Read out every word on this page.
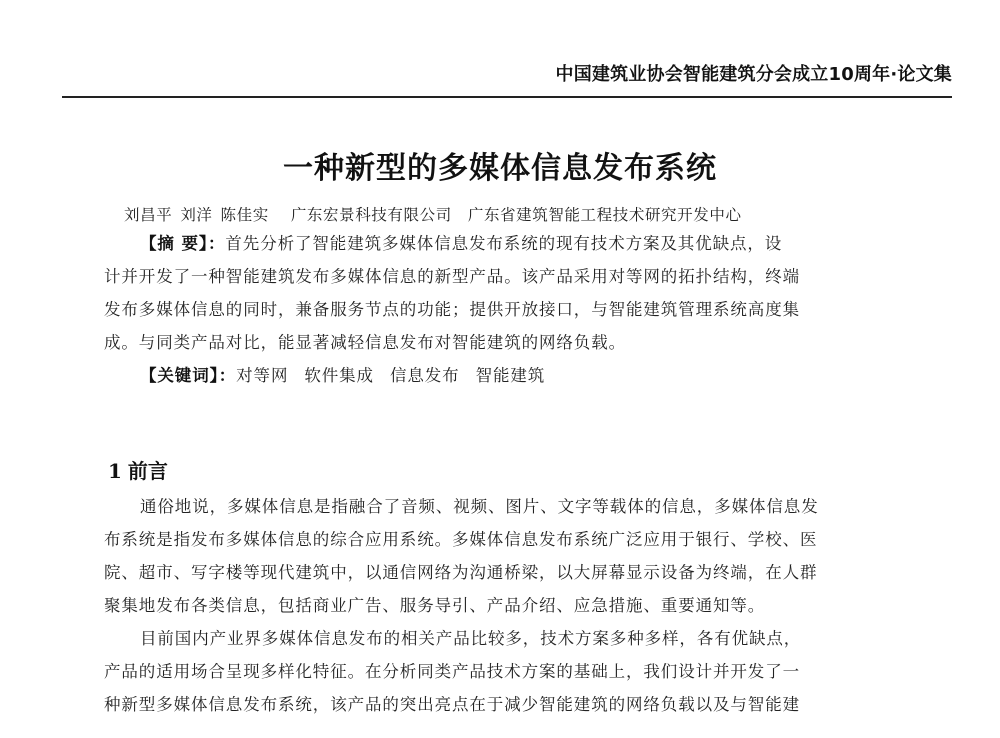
中国建筑业协会智能建筑分会成立10周年·论文集
一种新型的多媒体信息发布系统
刘昌平 刘洋 陈佳实 广东宏景科技有限公司 广东省建筑智能工程技术研究开发中心
【摘 要】：首先分析了智能建筑多媒体信息发布系统的现有技术方案及其优缺点，设
计并开发了一种智能建筑发布多媒体信息的新型产品。该产品采用对等网的拓扑结构，终端
发布多媒体信息的同时，兼备服务节点的功能；提供开放接口，与智能建筑管理系统高度集
成。与同类产品对比，能显著减轻信息发布对智能建筑的网络负载。
【关键词】：对等网 软件集成 信息发布 智能建筑
1 前言
通俗地说，多媒体信息是指融合了音频、视频、图片、文字等载体的信息，多媒体信息发
布系统是指发布多媒体信息的综合应用系统。多媒体信息发布系统广泛应用于银行、学校、医
院、超市、写字楼等现代建筑中，以通信网络为沟通桥梁，以大屏幕显示设备为终端，在人群
聚集地发布各类信息，包括商业广告、服务导引、产品介绍、应急措施、重要通知等。
目前国内产业界多媒体信息发布的相关产品比较多，技术方案多种多样，各有优缺点，
产品的适用场合呈现多样化特征。在分析同类产品技术方案的基础上，我们设计并开发了一
种新型多媒体信息发布系统，该产品的突出亮点在于减少智能建筑的网络负载以及与智能建
